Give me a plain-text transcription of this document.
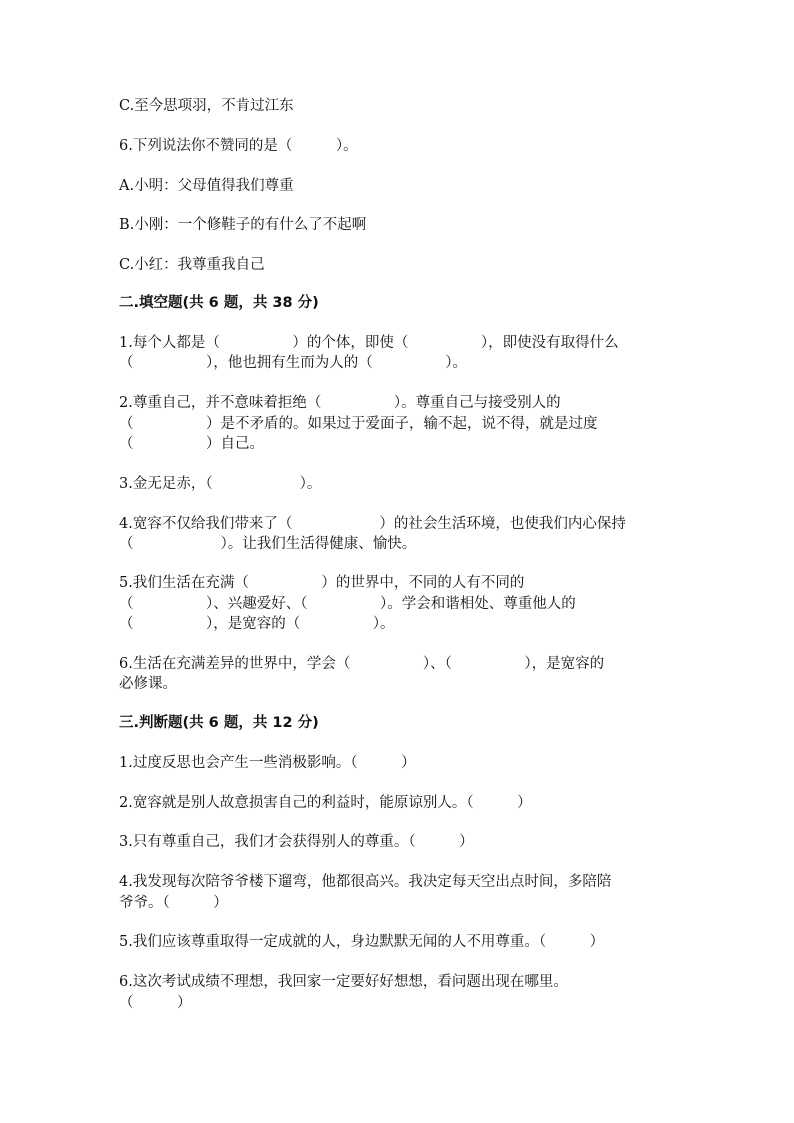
C.至今思项羽，不肯过江东
6.下列说法你不赞同的是（　　　）。
A.小明：父母值得我们尊重
B.小刚：一个修鞋子的有什么了不起啊
C.小红：我尊重我自己
二.填空题(共 6 题，共 38 分)
1.每个人都是（　　　　　）的个体，即使（　　　　　），即使没有取得什么
（　　　　　），他也拥有生而为人的（　　　　　）。
2.尊重自己，并不意味着拒绝（　　　　　）。尊重自己与接受别人的
（　　　　　）是不矛盾的。如果过于爱面子，输不起，说不得，就是过度
（　　　　　）自己。
3.金无足赤，（　　　　　　）。
4.宽容不仅给我们带来了（　　　　　　）的社会生活环境，也使我们内心保持
（　　　　　　）。让我们生活得健康、愉快。
5.我们生活在充满（　　　　　）的世界中，不同的人有不同的
（　　　　　）、兴趣爱好、（　　　　　）。学会和谐相处、尊重他人的
（　　　　　），是宽容的（　　　　　）。
6.生活在充满差异的世界中，学会（　　　　　）、（　　　　　），是宽容的
必修课。
三.判断题(共 6 题，共 12 分)
1.过度反思也会产生一些消极影响。（　　　）
2.宽容就是别人故意损害自己的利益时，能原谅别人。（　　　）
3.只有尊重自己，我们才会获得别人的尊重。（　　　）
4.我发现每次陪爷爷楼下遛弯，他都很高兴。我决定每天空出点时间，多陪陪
爷爷。（　　　）
5.我们应该尊重取得一定成就的人，身边默默无闻的人不用尊重。（　　　）
6.这次考试成绩不理想，我回家一定要好好想想，看问题出现在哪里。
（　　　）
